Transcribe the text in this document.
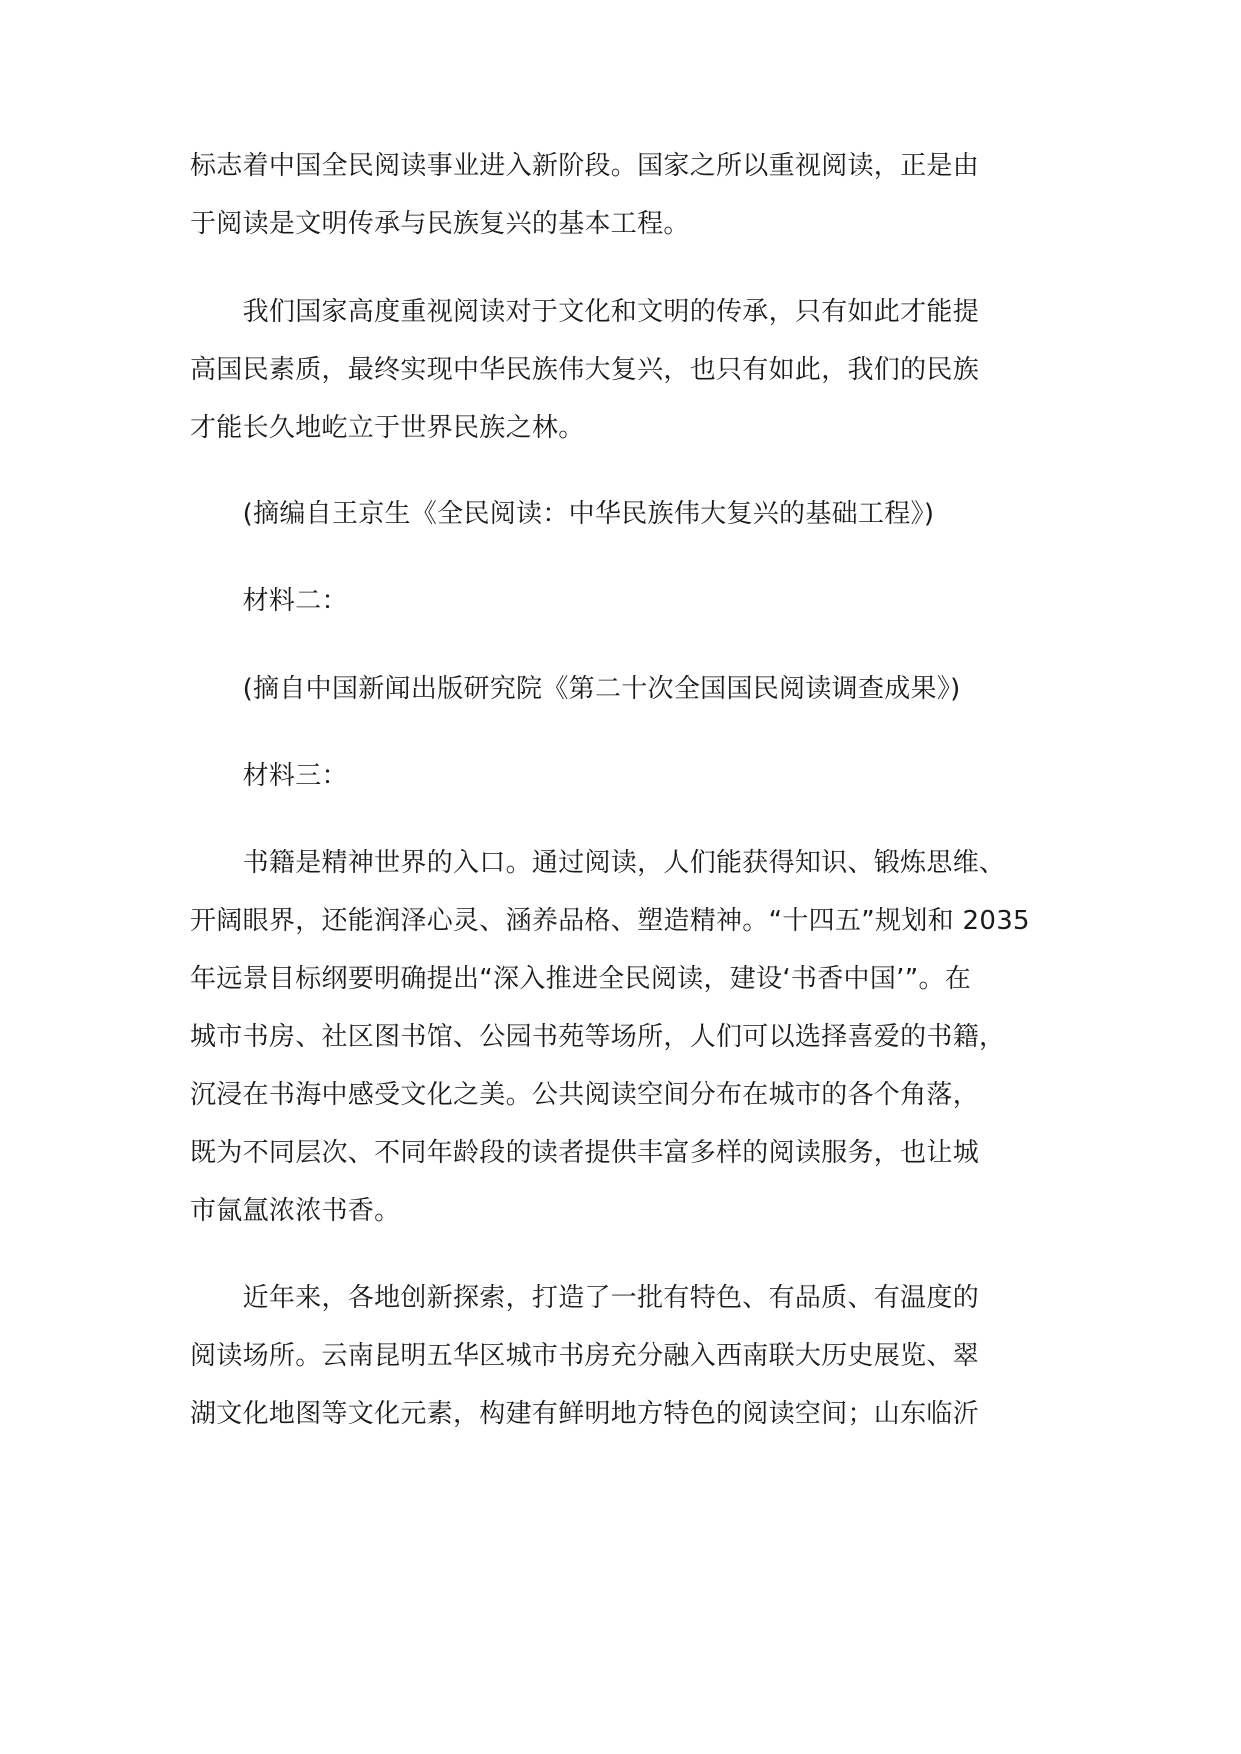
标志着中国全民阅读事业进入新阶段。国家之所以重视阅读，正是由
于阅读是文明传承与民族复兴的基本工程。
　　我们国家高度重视阅读对于文化和文明的传承，只有如此才能提
高国民素质，最终实现中华民族伟大复兴，也只有如此，我们的民族
才能长久地屹立于世界民族之林。
　　(摘编自王京生《全民阅读：中华民族伟大复兴的基础工程》)
　　材料二：
　　(摘自中国新闻出版研究院《第二十次全国国民阅读调查成果》)
　　材料三：
　　书籍是精神世界的入口。通过阅读，人们能获得知识、锻炼思维、
开阔眼界，还能润泽心灵、涵养品格、塑造精神。“十四五”规划和 2035
年远景目标纲要明确提出“深入推进全民阅读，建设‘书香中国’”。在
城市书房、社区图书馆、公园书苑等场所，人们可以选择喜爱的书籍，
沉浸在书海中感受文化之美。公共阅读空间分布在城市的各个角落，
既为不同层次、不同年龄段的读者提供丰富多样的阅读服务，也让城
市氤氲浓浓书香。
　　近年来，各地创新探索，打造了一批有特色、有品质、有温度的
阅读场所。云南昆明五华区城市书房充分融入西南联大历史展览、翠
湖文化地图等文化元素，构建有鲜明地方特色的阅读空间；山东临沂
